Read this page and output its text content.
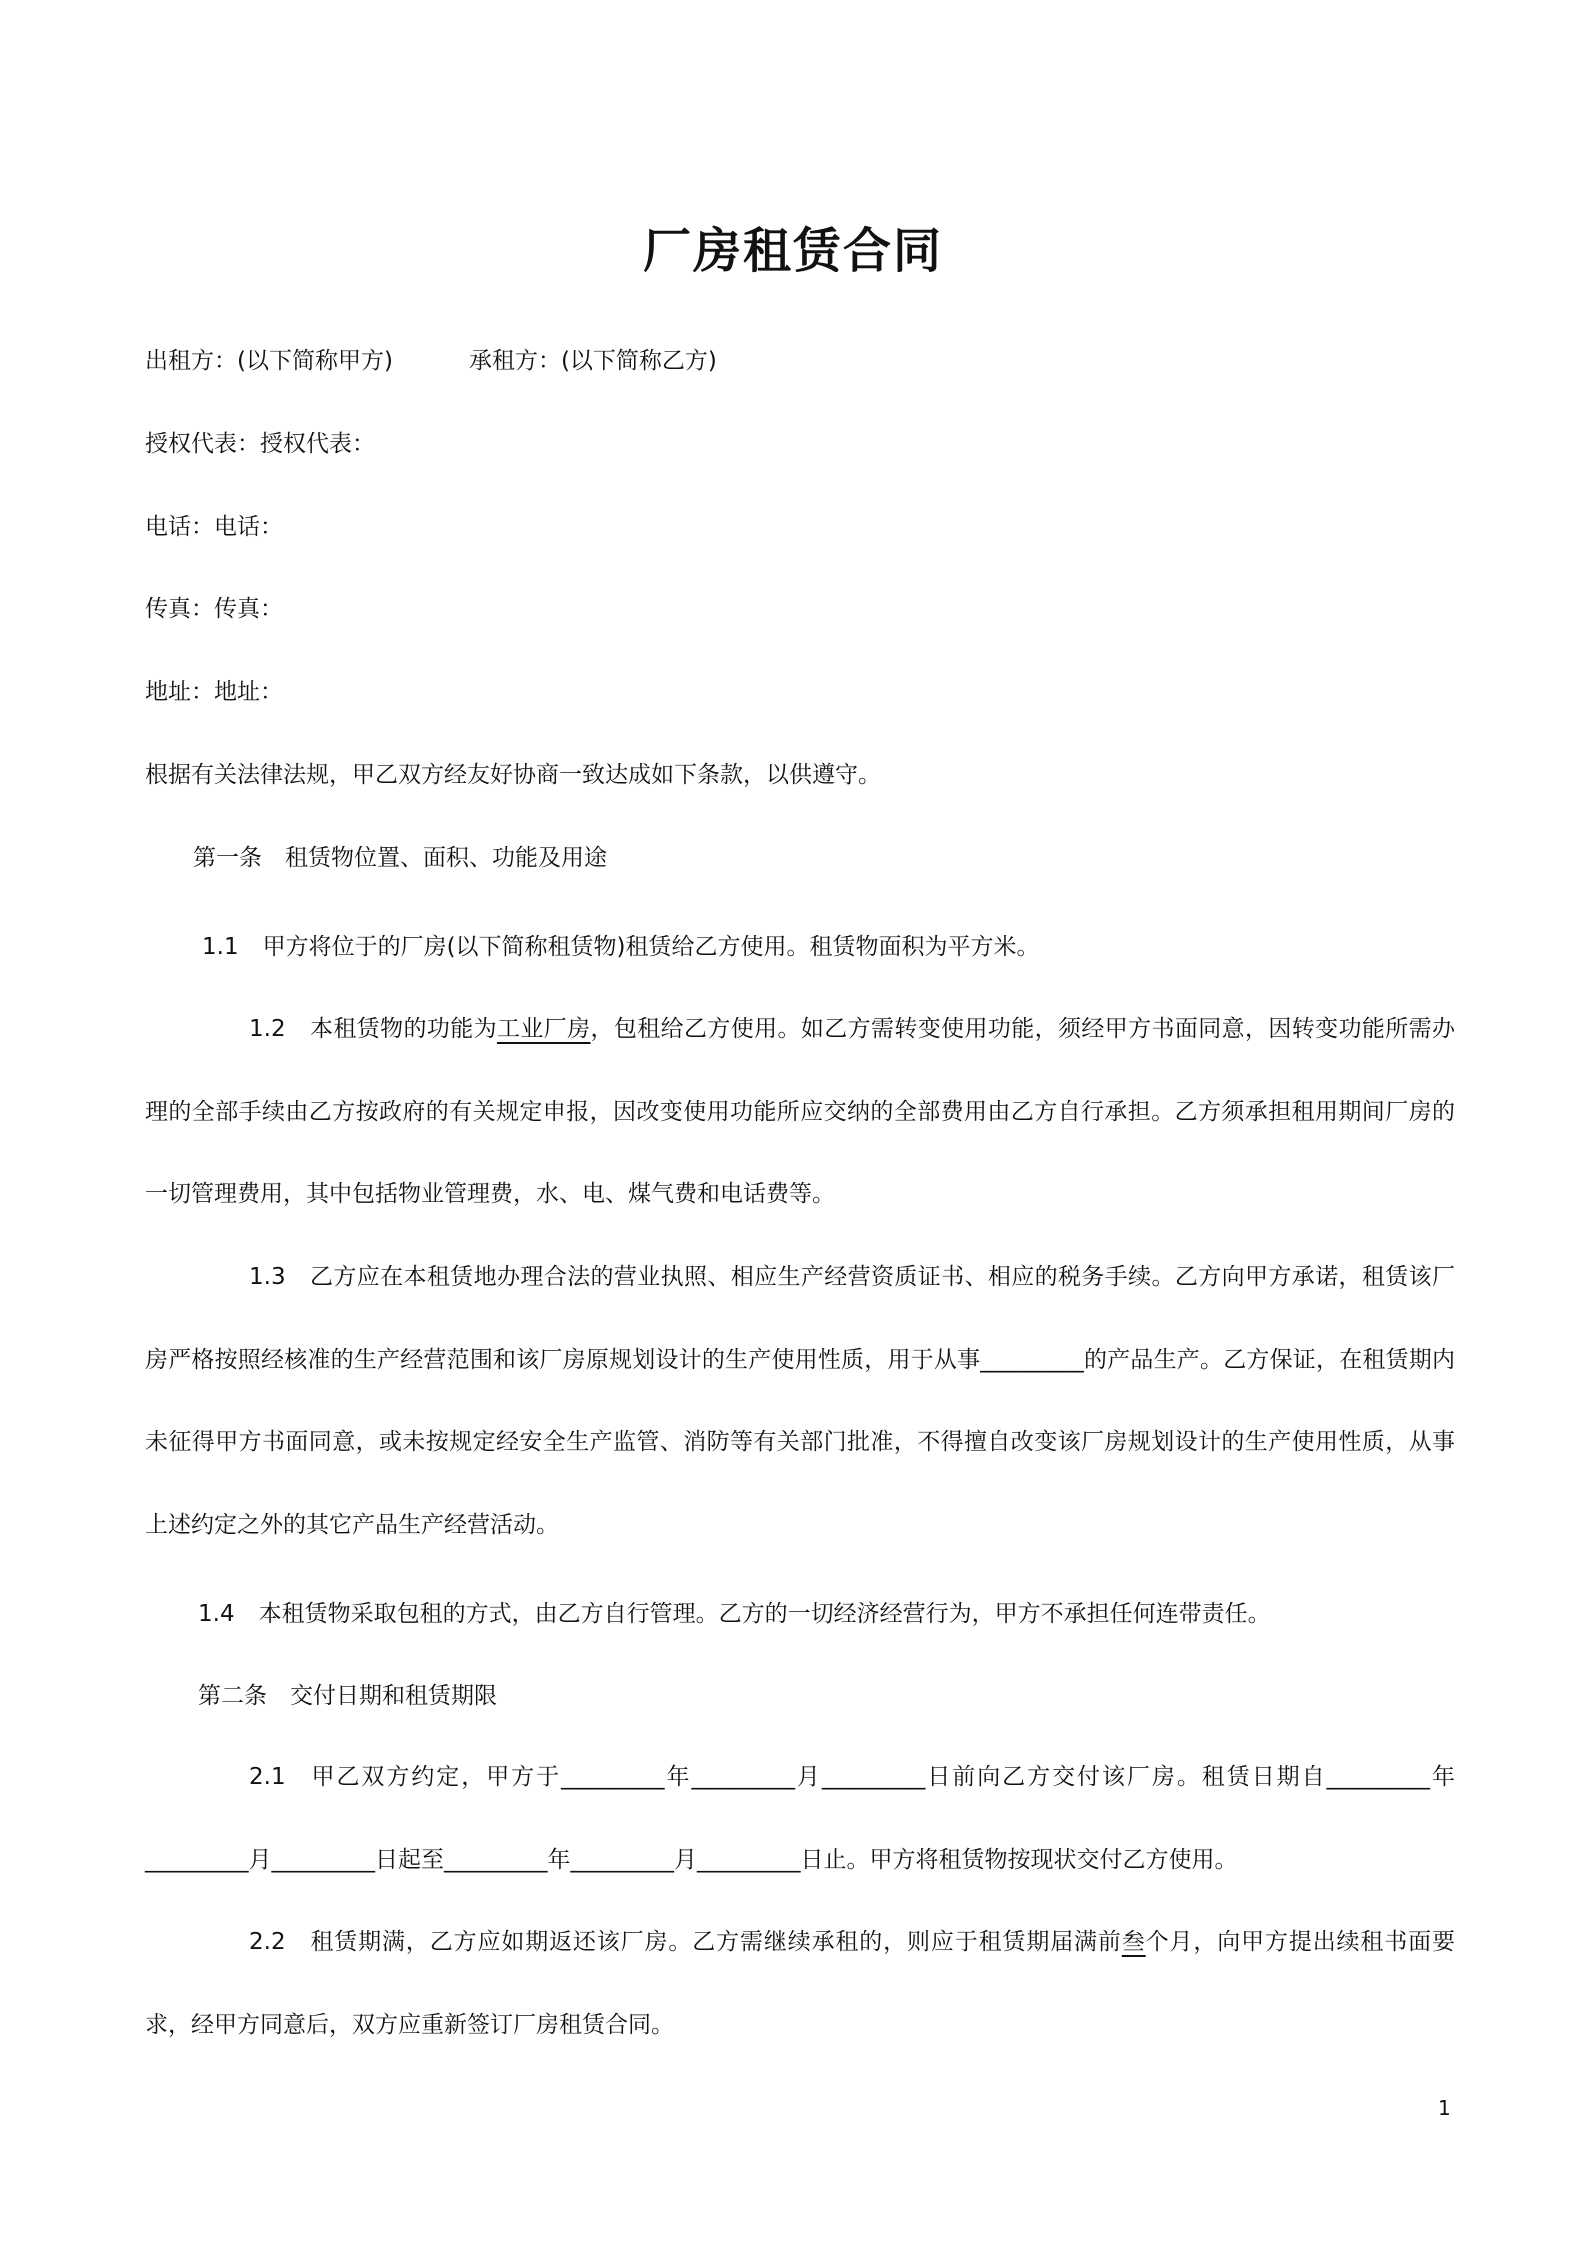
厂房租赁合同
出租方：(以下简称甲方)	承租方：(以下简称乙方)
授权代表：授权代表：
电话：电话：
传真：传真：
地址：地址：
根据有关法律法规，甲乙双方经友好协商一致达成如下条款，以供遵守。
第一条　租赁物位置、面积、功能及用途
1.1 甲方将位于的厂房(以下简称租赁物)租赁给乙方使用。租赁物面积为平方米。
1.2 本租赁物的功能为工业厂房，包租给乙方使用。如乙方需转变使用功能，须经甲方书面同意，因转变功能所需办理的全部手续由乙方按政府的有关规定申报，因改变使用功能所应交纳的全部费用由乙方自行承担。乙方须承担租用期间厂房的一切管理费用，其中包括物业管理费，水、电、煤气费和电话费等。
1.3 乙方应在本租赁地办理合法的营业执照、相应生产经营资质证书、相应的税务手续。乙方向甲方承诺，租赁该厂房严格按照经核准的生产经营范围和该厂房原规划设计的生产使用性质，用于从事_________的产品生产。乙方保证，在租赁期内未征得甲方书面同意，或未按规定经安全生产监管、消防等有关部门批准，不得擅自改变该厂房规划设计的生产使用性质，从事上述约定之外的其它产品生产经营活动。
1.4 本租赁物采取包租的方式，由乙方自行管理。乙方的一切经济经营行为，甲方不承担任何连带责任。
第二条　交付日期和租赁期限
2.1 甲乙双方约定，甲方于_________年_________月_________日前向乙方交付该厂房。租赁日期自_________年_________月_________日起至_________年_________月_________日止。甲方将租赁物按现状交付乙方使用。
2.2 租赁期满，乙方应如期返还该厂房。乙方需继续承租的，则应于租赁期届满前叁个月，向甲方提出续租书面要求，经甲方同意后，双方应重新签订厂房租赁合同。
1
